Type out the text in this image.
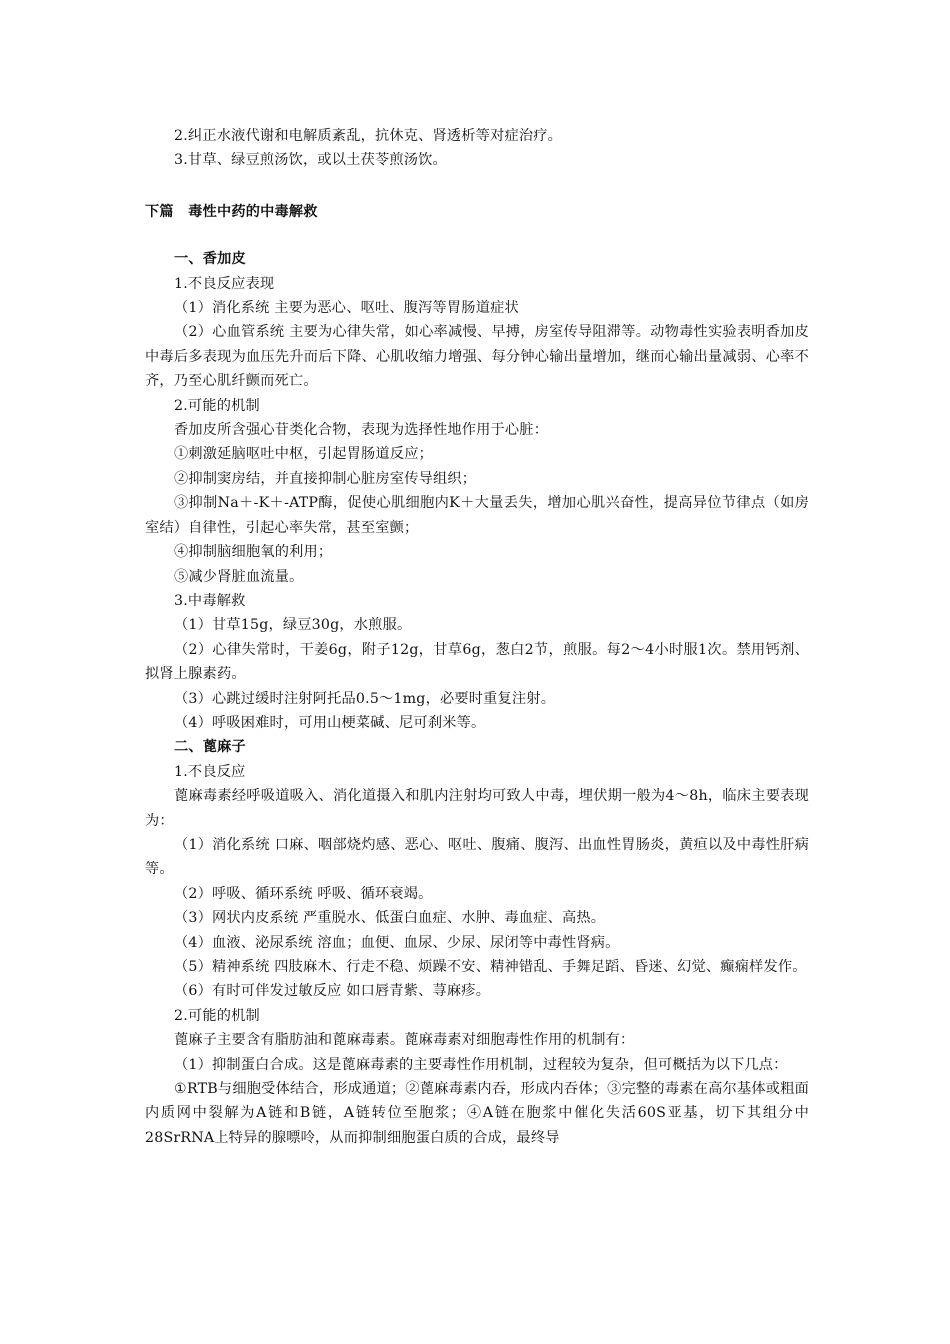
2.纠正水液代谢和电解质紊乱，抗休克、肾透析等对症治疗。

3.甘草、绿豆煎汤饮，或以土茯苓煎汤饮。

下篇　毒性中药的中毒解救

一、香加皮

1.不良反应表现

（1）消化系统 主要为恶心、呕吐、腹泻等胃肠道症状

（2）心血管系统 主要为心律失常，如心率减慢、早搏，房室传导阻滞等。动物毒性实验表明香加皮中毒后多表现为血压先升而后下降、心肌收缩力增强、每分钟心输出量增加，继而心输出量减弱、心率不齐，乃至心肌纤颤而死亡。

2.可能的机制

香加皮所含强心苷类化合物，表现为选择性地作用于心脏：

①刺激延脑呕吐中枢，引起胃肠道反应；

②抑制窦房结，并直接抑制心脏房室传导组织；

③抑制Na＋-K＋-ATP酶，促使心肌细胞内K＋大量丢失，增加心肌兴奋性，提高异位节律点（如房室结）自律性，引起心率失常，甚至室颤；

④抑制脑细胞氧的利用；

⑤减少肾脏血流量。

3.中毒解救

（1）甘草15g，绿豆30g，水煎服。

（2）心律失常时，干姜6g，附子12g，甘草6g，葱白2节，煎服。每2～4小时服1次。禁用钙剂、拟肾上腺素药。

（3）心跳过缓时注射阿托品0.5～1mg，必要时重复注射。

（4）呼吸困难时，可用山梗菜碱、尼可刹米等。

二、蓖麻子

1.不良反应

蓖麻毒素经呼吸道吸入、消化道摄入和肌内注射均可致人中毒，埋伏期一般为4～8h，临床主要表现为：

（1）消化系统 口麻、咽部烧灼感、恶心、呕吐、腹痛、腹泻、出血性胃肠炎，黄疸以及中毒性肝病等。

（2）呼吸、循环系统 呼吸、循环衰竭。

（3）网状内皮系统 严重脱水、低蛋白血症、水肿、毒血症、高热。

（4）血液、泌尿系统 溶血；血便、血尿、少尿、尿闭等中毒性肾病。

（5）精神系统 四肢麻木、行走不稳、烦躁不安、精神错乱、手舞足蹈、昏迷、幻觉、癫痫样发作。

（6）有时可伴发过敏反应 如口唇青紫、荨麻疹。

2.可能的机制

蓖麻子主要含有脂肪油和蓖麻毒素。蓖麻毒素对细胞毒性作用的机制有：

（1）抑制蛋白合成。这是蓖麻毒素的主要毒性作用机制，过程较为复杂，但可概括为以下几点：

①RTB与细胞受体结合，形成通道；②蓖麻毒素内吞，形成内吞体；③完整的毒素在高尔基体或粗面内质网中裂解为A链和B链，A链转位至胞浆；④A链在胞浆中催化失活60S亚基，切下其组分中28SrRNA上特异的腺嘌呤，从而抑制细胞蛋白质的合成，最终导
